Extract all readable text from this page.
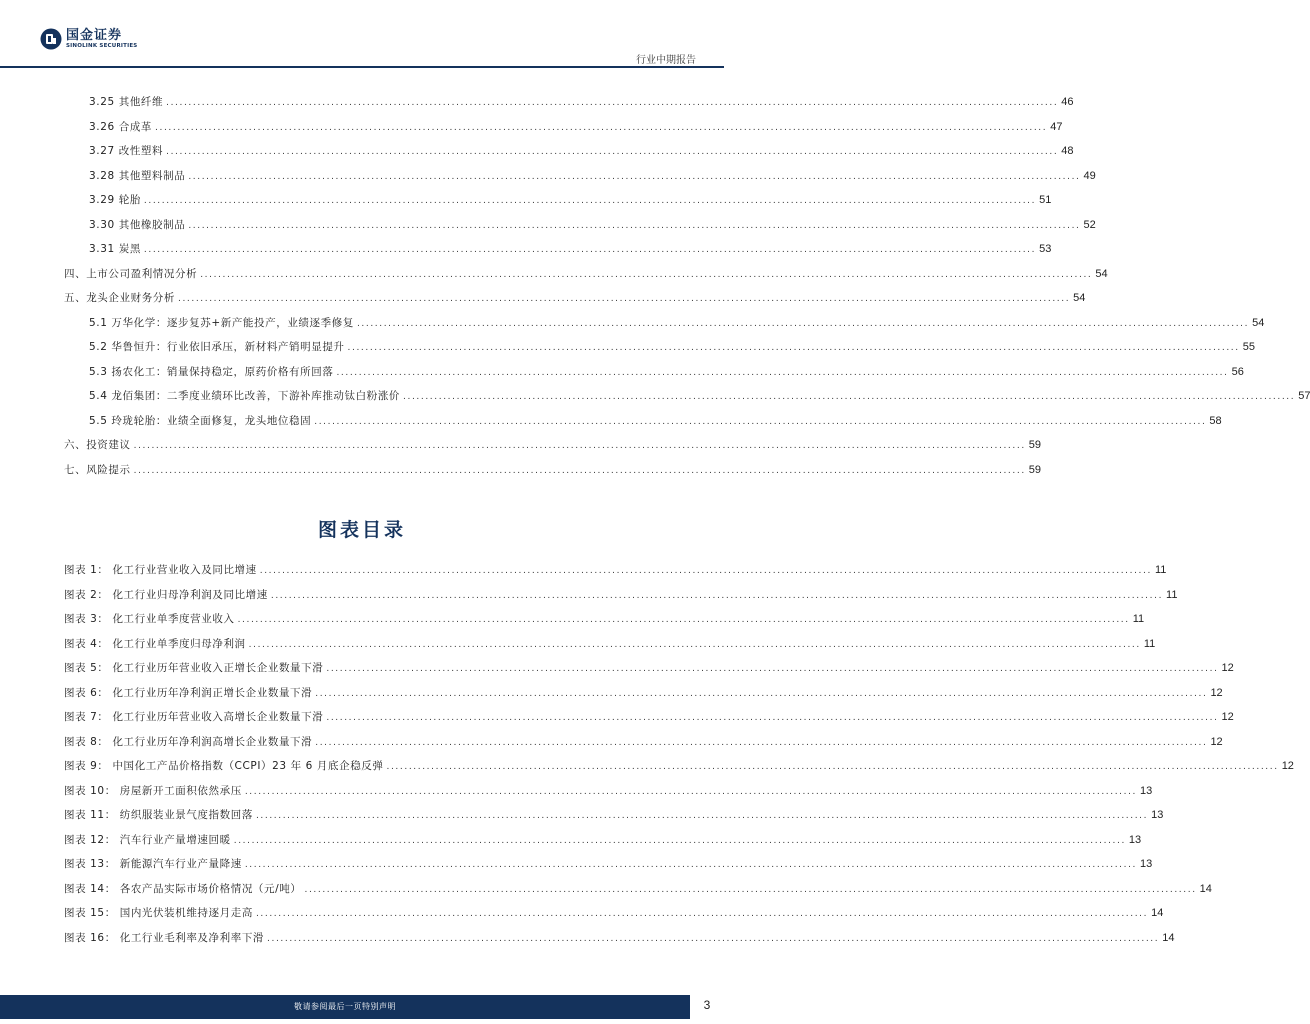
国金证券
SINOLINK SECURITIES
行业中期报告
3.25 其他纤维 ........................................................................................................................................................................................................ 46
3.26 合成革 ........................................................................................................................................................................................................ 47
3.27 改性塑料 ........................................................................................................................................................................................................ 48
3.28 其他塑料制品 ........................................................................................................................................................................................................ 49
3.29 轮胎 ........................................................................................................................................................................................................ 51
3.30 其他橡胶制品 ........................................................................................................................................................................................................ 52
3.31 炭黑 ........................................................................................................................................................................................................ 53
四、上市公司盈利情况分析 ........................................................................................................................................................................................................ 54
五、龙头企业财务分析 ........................................................................................................................................................................................................ 54
5.1 万华化学：逐步复苏+新产能投产，业绩逐季修复 ........................................................................................................................................................................................................ 54
5.2 华鲁恒升：行业依旧承压，新材料产销明显提升 ........................................................................................................................................................................................................ 55
5.3 扬农化工：销量保持稳定，原药价格有所回落 ........................................................................................................................................................................................................ 56
5.4 龙佰集团：二季度业绩环比改善，下游补库推动钛白粉涨价 ........................................................................................................................................................................................................ 57
5.5 玲珑轮胎：业绩全面修复，龙头地位稳固 ........................................................................................................................................................................................................ 58
六、投资建议 ........................................................................................................................................................................................................ 59
七、风险提示 ........................................................................................................................................................................................................ 59
图表目录
图表 1： 化工行业营业收入及同比增速 ........................................................................................................................................................................................................ 11
图表 2： 化工行业归母净利润及同比增速 ........................................................................................................................................................................................................ 11
图表 3： 化工行业单季度营业收入 ........................................................................................................................................................................................................ 11
图表 4： 化工行业单季度归母净利润 ........................................................................................................................................................................................................ 11
图表 5： 化工行业历年营业收入正增长企业数量下滑 ........................................................................................................................................................................................................ 12
图表 6： 化工行业历年净利润正增长企业数量下滑 ........................................................................................................................................................................................................ 12
图表 7： 化工行业历年营业收入高增长企业数量下滑 ........................................................................................................................................................................................................ 12
图表 8： 化工行业历年净利润高增长企业数量下滑 ........................................................................................................................................................................................................ 12
图表 9： 中国化工产品价格指数（CCPI）23 年 6 月底企稳反弹 ........................................................................................................................................................................................................ 12
图表 10： 房屋新开工面积依然承压 ........................................................................................................................................................................................................ 13
图表 11： 纺织服装业景气度指数回落 ........................................................................................................................................................................................................ 13
图表 12： 汽车行业产量增速回暖 ........................................................................................................................................................................................................ 13
图表 13： 新能源汽车行业产量降速 ........................................................................................................................................................................................................ 13
图表 14： 各农产品实际市场价格情况（元/吨） ........................................................................................................................................................................................................ 14
图表 15： 国内光伏装机维持逐月走高 ........................................................................................................................................................................................................ 14
图表 16： 化工行业毛利率及净利率下滑 ........................................................................................................................................................................................................ 14
敬请参阅最后一页特别声明	3
